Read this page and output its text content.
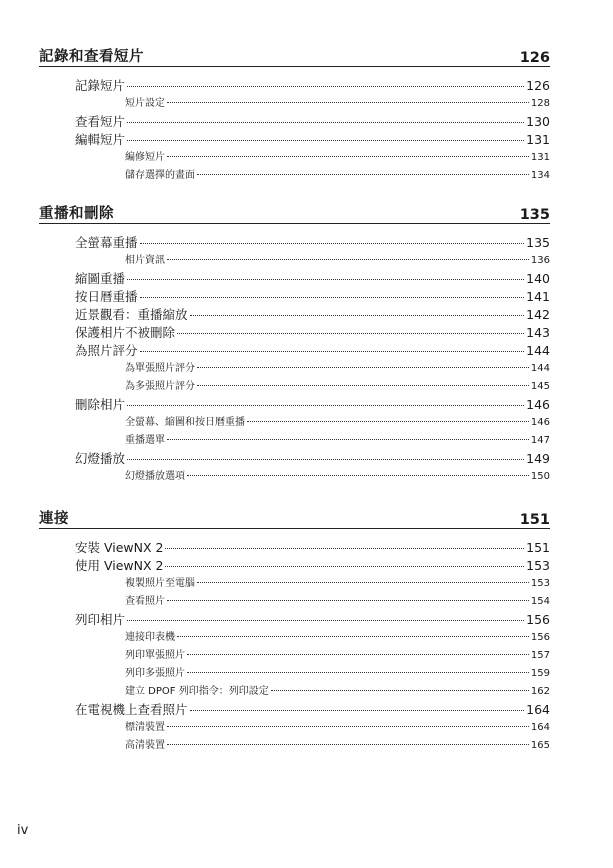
記錄和查看短片	126
記錄短片	126
短片設定	128
查看短片	130
編輯短片	131
編修短片	131
儲存選擇的畫面	134
重播和刪除	135
全螢幕重播	135
相片資訊	136
縮圖重播	140
按日曆重播	141
近景觀看：重播縮放	142
保護相片不被刪除	143
為照片評分	144
為單張照片評分	144
為多張照片評分	145
刪除相片	146
全螢幕、縮圖和按日曆重播	146
重播選單	147
幻燈播放	149
幻燈播放選項	150
連接	151
安裝 ViewNX 2	151
使用 ViewNX 2	153
複製照片至電腦	153
查看照片	154
列印相片	156
連接印表機	156
列印單張照片	157
列印多張照片	159
建立 DPOF 列印指令：列印設定	162
在電視機上查看照片	164
標清裝置	164
高清裝置	165
iv
